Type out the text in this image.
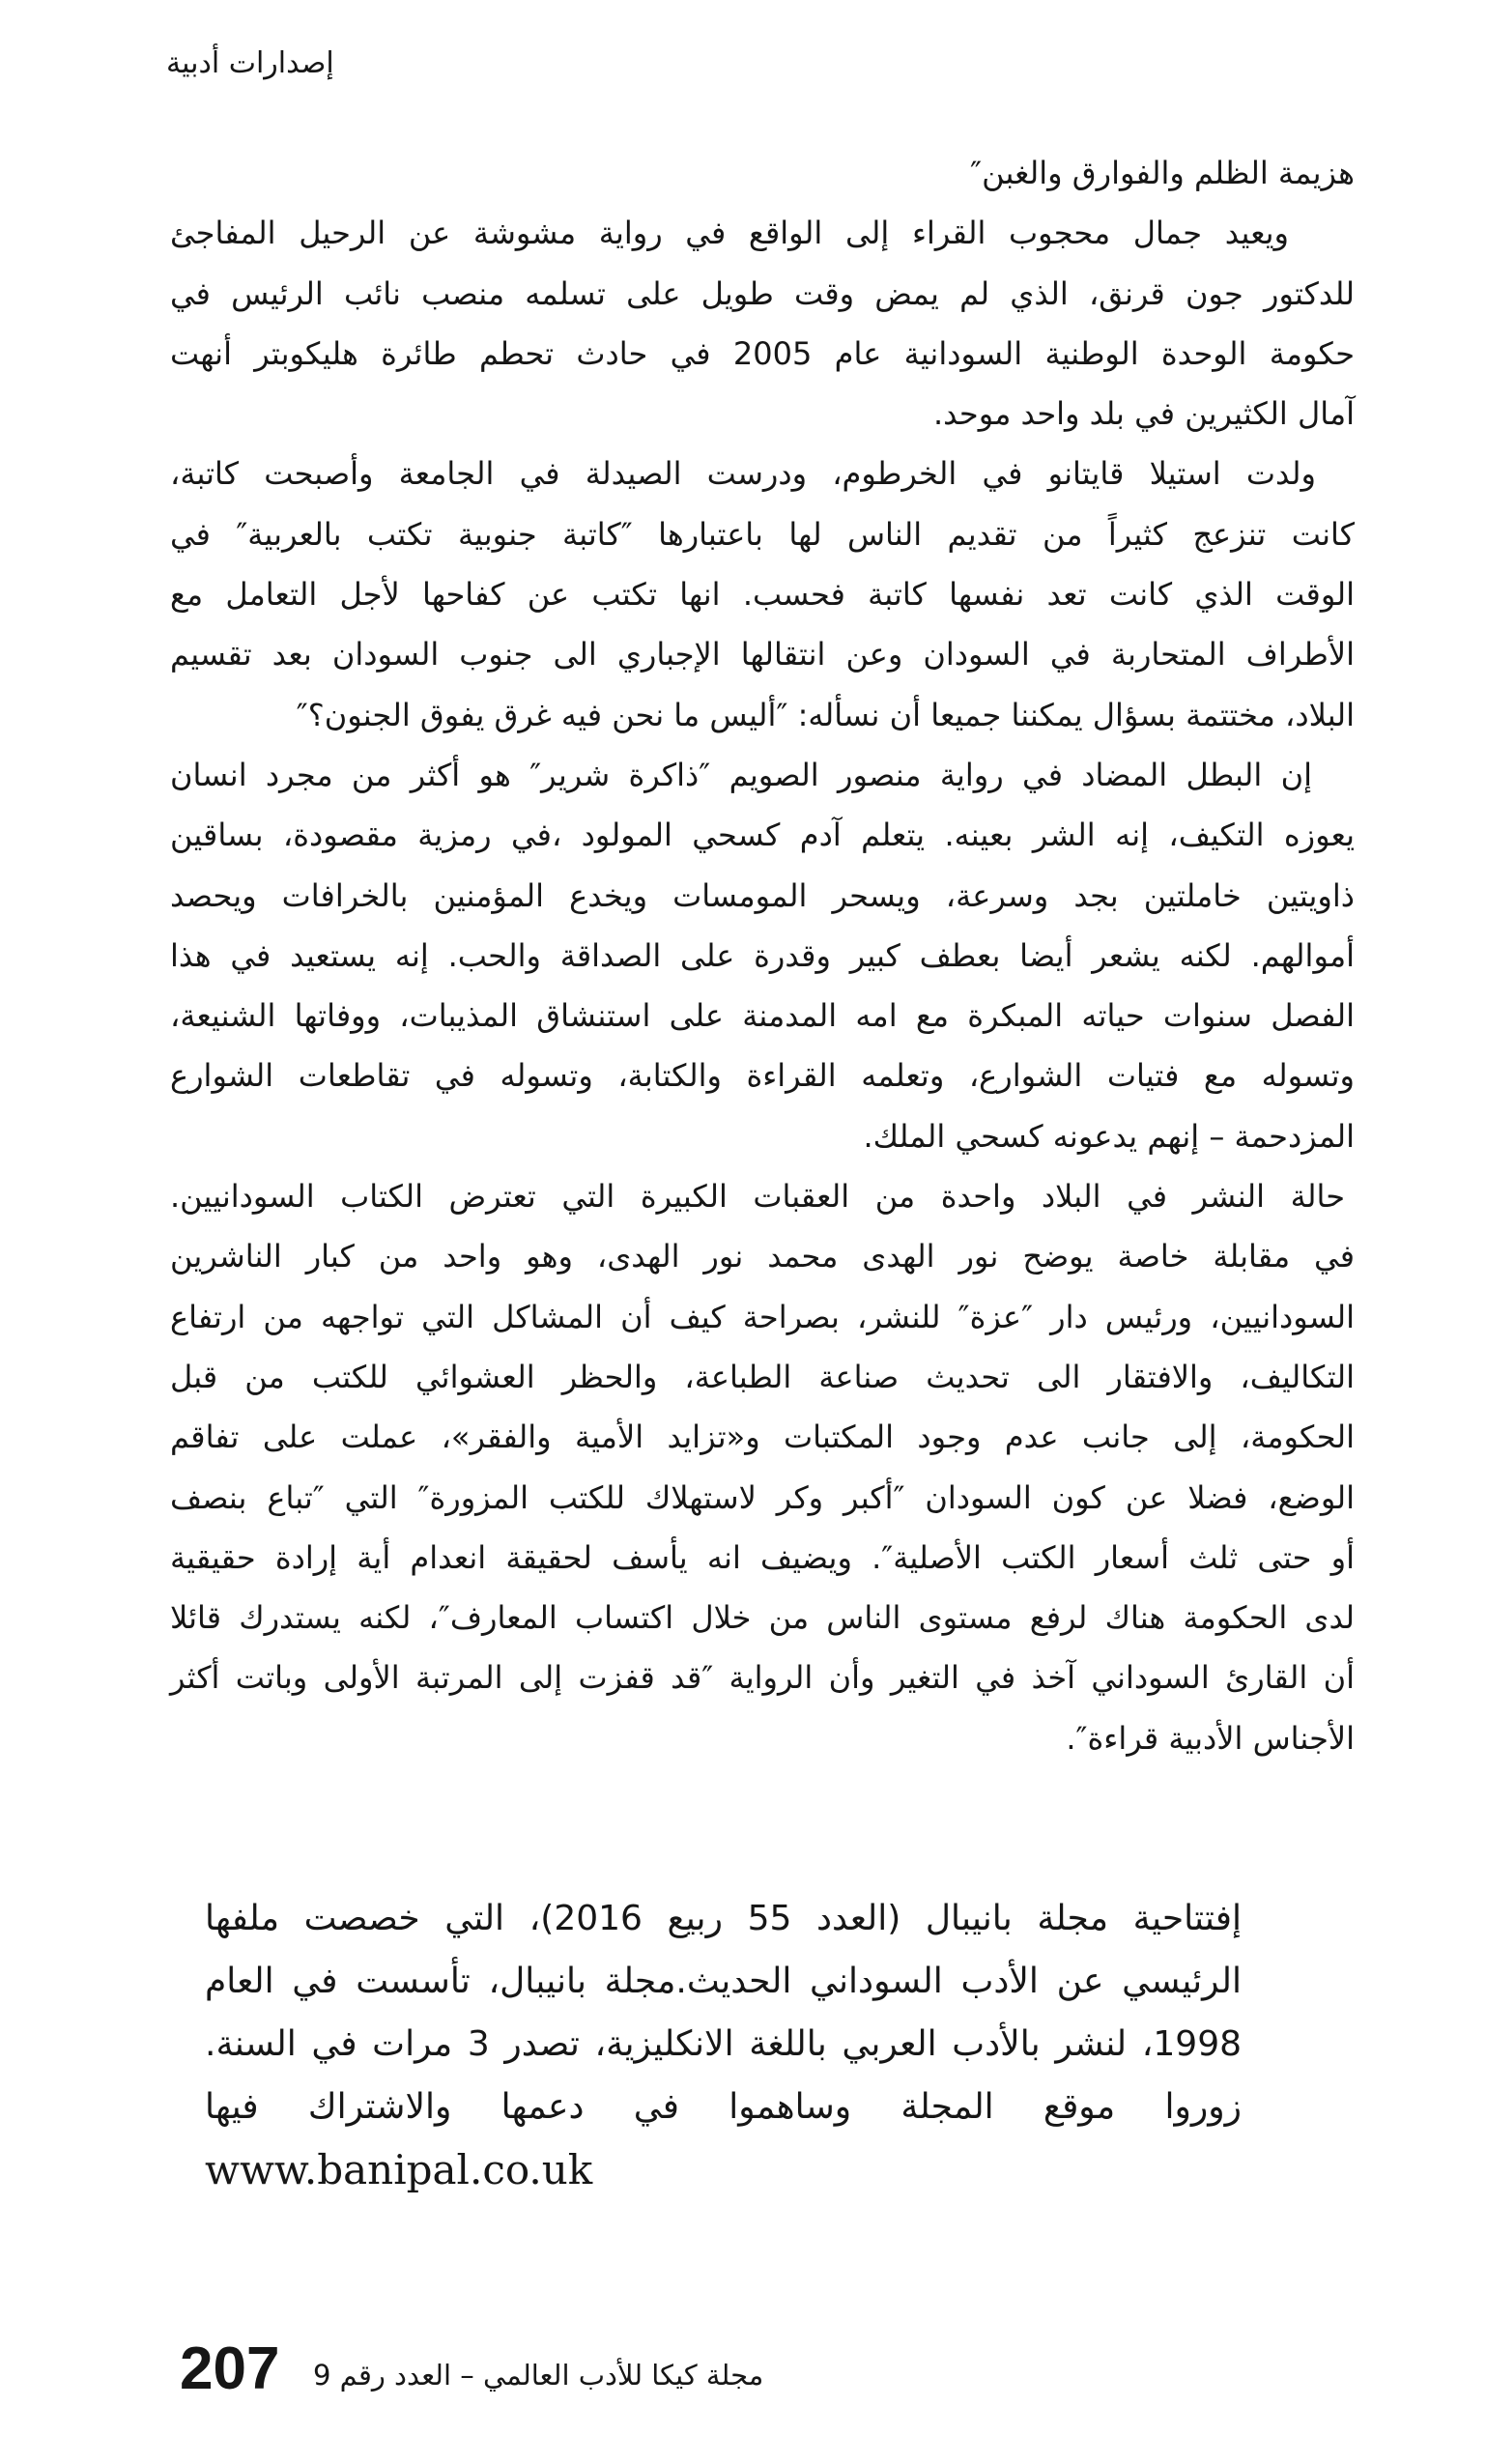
إصدارات أدبية
هزيمة الظلم والفوارق والغبن″
ويعيد جمال محجوب القراء إلى الواقع في رواية مشوشة عن الرحيل المفاجئ
للدكتور جون قرنق، الذي لم يمض وقت طويل على تسلمه منصب نائب الرئيس في
حكومة الوحدة الوطنية السودانية عام 2005 في حادث تحطم طائرة هليكوبتر أنهت
آمال الكثيرين في بلد واحد موحد.
ولدت استيلا قايتانو في الخرطوم، ودرست الصيدلة في الجامعة وأصبحت كاتبة،
كانت تنزعج كثيراً من تقديم الناس لها باعتبارها ″كاتبة جنوبية تكتب بالعربية″ في
الوقت الذي كانت تعد نفسها كاتبة فحسب. انها تكتب عن كفاحها لأجل التعامل مع
الأطراف المتحاربة في السودان وعن انتقالها الإجباري الى جنوب السودان بعد تقسيم
البلاد، مختتمة بسؤال يمكننا جميعا أن نسأله: ″أليس ما نحن فيه غرق يفوق الجنون؟″
إن البطل المضاد في رواية منصور الصويم ″ذاكرة شرير″ هو أكثر من مجرد انسان
يعوزه التكيف، إنه الشر بعينه. يتعلم آدم كسحي المولود ،في رمزية مقصودة، بساقين
ذاويتين خاملتين بجد وسرعة، ويسحر المومسات ويخدع المؤمنين بالخرافات ويحصد
أموالهم. لكنه يشعر أيضا بعطف كبير وقدرة على الصداقة والحب. إنه يستعيد في هذا
الفصل سنوات حياته المبكرة مع امه المدمنة على استنشاق المذيبات، ووفاتها الشنيعة،
وتسوله مع فتيات الشوارع، وتعلمه القراءة والكتابة، وتسوله في تقاطعات الشوارع
المزدحمة – إنهم يدعونه كسحي الملك.
حالة النشر في البلاد واحدة من العقبات الكبيرة التي تعترض الكتاب السودانيين.
في مقابلة خاصة يوضح نور الهدى محمد نور الهدى، وهو واحد من كبار الناشرين
السودانيين، ورئيس دار ″عزة″ للنشر، بصراحة كيف أن المشاكل التي تواجهه من ارتفاع
التكاليف، والافتقار الى تحديث صناعة الطباعة، والحظر العشوائي للكتب من قبل
الحكومة، إلى جانب عدم وجود المكتبات و«تزايد الأمية والفقر»، عملت على تفاقم
الوضع، فضلا عن كون السودان ″أكبر وكر لاستهلاك للكتب المزورة″ التي ″تباع بنصف
أو حتى ثلث أسعار الكتب الأصلية″. ويضيف انه يأسف لحقيقة انعدام أية إرادة حقيقية
لدى الحكومة هناك لرفع مستوى الناس من خلال اكتساب المعارف″، لكنه يستدرك قائلا
أن القارئ السوداني آخذ في التغير وأن الرواية ″قد قفزت إلى المرتبة الأولى وباتت أكثر
الأجناس الأدبية قراءة″.
إفتتاحية مجلة بانيبال (العدد 55 ربيع 2016)، التي خصصت ملفها
الرئيسي عن الأدب السوداني الحديث.مجلة بانيبال، تأسست في العام
1998، لنشر بالأدب العربي باللغة الانكليزية، تصدر 3 مرات في السنة.
زوروا موقع المجلة وساهموا في دعمها والاشتراك فيها
www.banipal.co.uk
207 مجلة كيكا للأدب العالمي – العدد رقم 9
